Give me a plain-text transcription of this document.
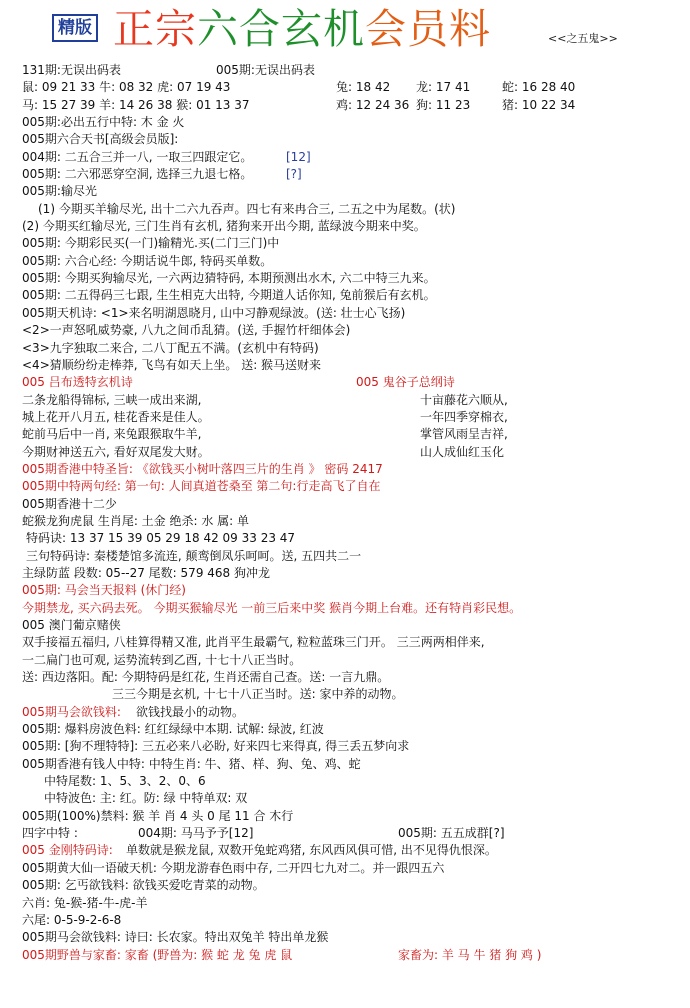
精版 正宗六合玄机会员料	<<之五鬼>>
131期:无误出码表	005期:无误出码表
鼠: 09 21 33 牛: 08 32 虎: 07 19 43	兔: 18 42 龙: 17 41	蛇: 16 28 40
马: 15 27 39 羊: 14 26 38 猴: 01 13 37	鸡: 12 24 36 狗: 11 23	猪: 10 22 34
005期:必出五行中特: 木 金 火
005期六合天书[高级会员版]:
004期: 二五合三并一八, 一取三四跟定它。	[12]
005期: 二六邪恶穿空洞, 选择三九退七格。	[?]
005期:输尽光
(1) 今期买羊输尽光, 出十二六九吞声。四七有来冉合三, 二五之中为尾数。(状)
(2) 今期买红输尽光, 三门生肖有玄机, 猪狗来开出今期, 蓝绿波今期来中奖。
005期: 今期彩民买(一门)输精光.买(二门三门)中
005期: 六合心经: 今期话说牛郎, 特码买单数。
005期: 今期买狗输尽光, 一六两边猜特码, 本期预测出水木, 六二中特三九来。
005期: 二五得码三七跟, 生生相克大出特, 今期道人话你知, 兔前猴后有玄机。
005期天机诗: <1>来名明湖恩晓月, 山中习静观绿波。(送: 壮士心飞扬)
<2>一声怒吼威势豪, 八九之间币乱猜。(送, 手握竹杆细体会)
<3>九字独取二来合, 二八丁配五不满。(玄机中有特码)
<4>猜顺纷纷走棒莽, 飞鸟有如天上坐。 送: 猴马送财来
005 吕布透特玄机诗	005 鬼谷子总纲诗
二条龙船得锦标, 三峡一成出来湖,	十亩藤花六顺从,
城上花开八月五, 桂花香来是佳人。	一年四季穿棉衣,
蛇前马后中一肖, 来兔跟猴取牛羊,	掌管风雨呈吉祥,
今期财神送五六, 看好双尾发大财。	山人成仙红玉化
005期香港中特圣旨: 《欲钱买小树叶落四三片的生肖 》 密码 2417
005期中特两句经: 第一句: 人间真道苍桑至 第二句:行走高飞了自在
005期香港十二少
蛇猴龙狗虎鼠 生肖尾: 土金 绝杀: 水 属: 单
特码诀: 13 37 15 39 05 29 18 42 09 33 23 47
三句特码诗: 秦楼楚馆多流连, 颠鸾倒凤乐呵呵。送, 五四共二一
主绿防蓝 段数: 05--27 尾数: 579 468 狗冲龙
005期: 马会当天报料 (休门经)
今期禁龙, 买六码去死。 今期买猴输尽光 一前三后来中奖 猴肖今期上台难。还有特肖彩民想。
005 澳门葡京赌侠
双手接福五福归, 八桂算得精又准, 此肖平生最霸气, 粒粒蓝珠三门开。 三三两两相伴来,
一二扁门也可观, 运势流转到乙酉, 十七十八正当时。
送: 西边落阳。配: 今期特码是红花, 生肖还需自己查。送: 一言九鼎。
三三今期是玄机, 十七十八正当时。送: 家中养的动物。
005期马会欲钱料: 欲钱找最小的动物。
005期: 爆料房波色料: 红红绿绿中本期. 试解: 绿波, 红波
005期: [狗不理特特]: 三五必来八必盼, 好来四七来得真, 得三丢五梦向求
005期香港有钱人中特: 中特生肖: 牛、猪、样、狗、兔、鸡、蛇
中特尾数: 1、5、3、2、0、6
中特波色: 主: 红。防: 绿 中特单双: 双
005期(100%)禁料: 猴 羊 肖 4 头 0 尾 11 合 木行
四字中特 :	004期: 马马予予[12]	005期: 五五成群[?]
005 金刚特码诗: 单数就是猴龙鼠, 双数开兔蛇鸡猪, 东风西风俱可惜, 出不见得仇恨深。
005期黄大仙一语破天机: 今期龙游春色雨中存, 二开四七九对二。并一跟四五六
005期: 乞丐欲钱料: 欲钱买爱吃青菜的动物。
六肖: 兔-猴-猪-牛-虎-羊
六尾: 0-5-9-2-6-8
005期马会欲钱料: 诗曰: 长农家。特出双兔羊 特出单龙猴
005期野兽与家畜: 家畜 (野兽为: 猴 蛇 龙 兔 虎 鼠	家畜为: 羊 马 牛 猪 狗 鸡 )
